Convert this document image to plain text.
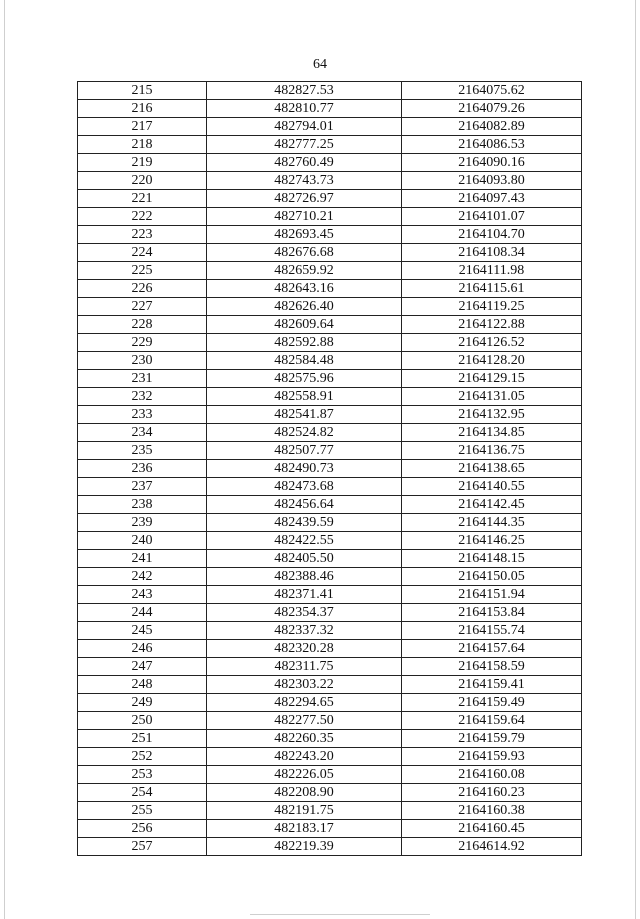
64
215	482827.53	2164075.62
216	482810.77	2164079.26
217	482794.01	2164082.89
218	482777.25	2164086.53
219	482760.49	2164090.16
220	482743.73	2164093.80
221	482726.97	2164097.43
222	482710.21	2164101.07
223	482693.45	2164104.70
224	482676.68	2164108.34
225	482659.92	2164111.98
226	482643.16	2164115.61
227	482626.40	2164119.25
228	482609.64	2164122.88
229	482592.88	2164126.52
230	482584.48	2164128.20
231	482575.96	2164129.15
232	482558.91	2164131.05
233	482541.87	2164132.95
234	482524.82	2164134.85
235	482507.77	2164136.75
236	482490.73	2164138.65
237	482473.68	2164140.55
238	482456.64	2164142.45
239	482439.59	2164144.35
240	482422.55	2164146.25
241	482405.50	2164148.15
242	482388.46	2164150.05
243	482371.41	2164151.94
244	482354.37	2164153.84
245	482337.32	2164155.74
246	482320.28	2164157.64
247	482311.75	2164158.59
248	482303.22	2164159.41
249	482294.65	2164159.49
250	482277.50	2164159.64
251	482260.35	2164159.79
252	482243.20	2164159.93
253	482226.05	2164160.08
254	482208.90	2164160.23
255	482191.75	2164160.38
256	482183.17	2164160.45
257	482219.39	2164614.92
